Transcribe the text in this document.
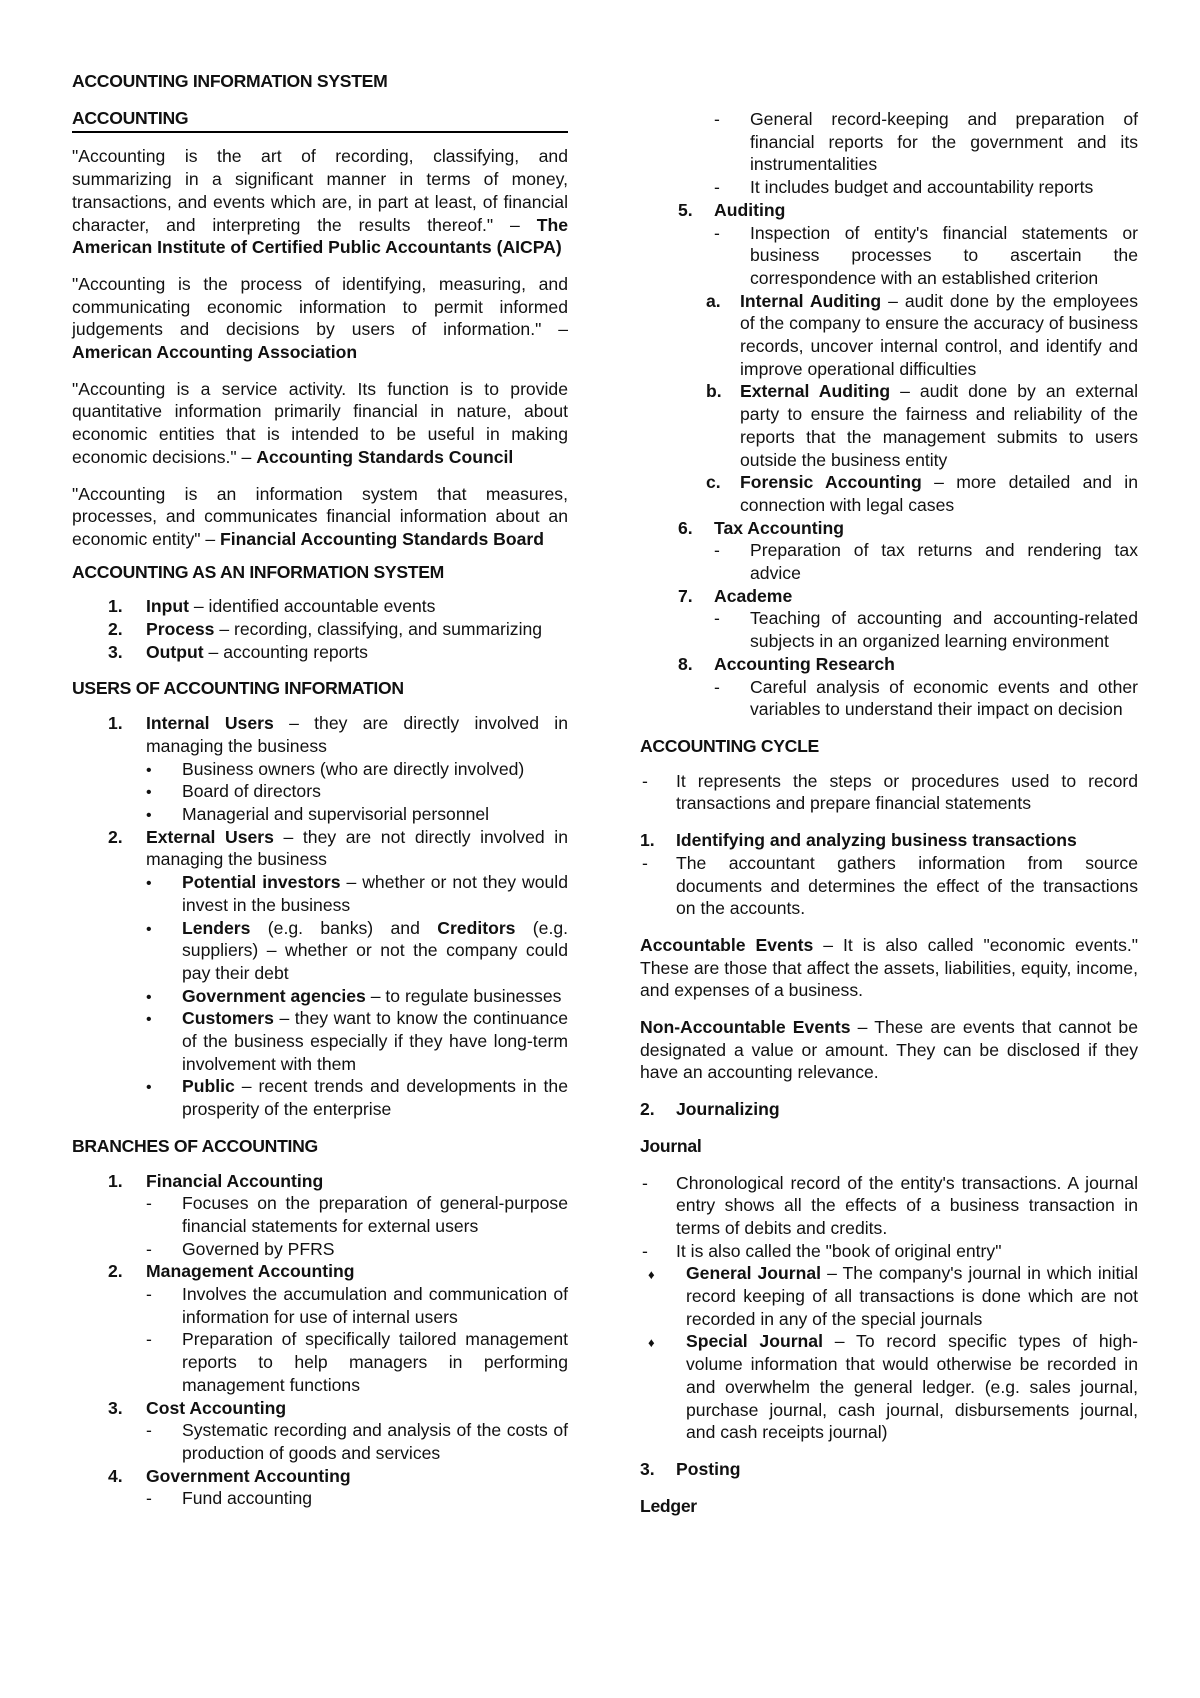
ACCOUNTING INFORMATION SYSTEM
ACCOUNTING

"Accounting is the art of recording, classifying, and summarizing in a significant manner in terms of money, transactions, and events which are, in part at least, of financial character, and interpreting the results thereof." – The American Institute of Certified Public Accountants (AICPA)

"Accounting is the process of identifying, measuring, and communicating economic information to permit informed judgements and decisions by users of information." – American Accounting Association

"Accounting is a service activity. Its function is to provide quantitative information primarily financial in nature, about economic entities that is intended to be useful in making economic decisions." – Accounting Standards Council

"Accounting is an information system that measures, processes, and communicates financial information about an economic entity" – Financial Accounting Standards Board

ACCOUNTING AS AN INFORMATION SYSTEM
1.	Input – identified accountable events
2.	Process – recording, classifying, and summarizing
3.	Output – accounting reports
USERS OF ACCOUNTING INFORMATION
1.	Internal Users – they are directly involved in managing the business
•
Business owners (who are directly involved)
•
Board of directors
•
Managerial and supervisorial personnel
2.	External Users – they are not directly involved in managing the business
•
Potential investors – whether or not they would invest in the business
•
Lenders (e.g. banks) and Creditors (e.g. suppliers) – whether or not the company could pay their debt
•
Government agencies – to regulate businesses
•
Customers – they want to know the continuance of the business especially if they have long-term involvement with them
•
Public – recent trends and developments in the prosperity of the enterprise
BRANCHES OF ACCOUNTING
1.	Financial Accounting
-
Focuses on the preparation of general-purpose financial statements for external users
-
Governed by PFRS
2.	Management Accounting
-
Involves the accumulation and communication of information for use of internal users
-
Preparation of specifically tailored management reports to help managers in performing management functions
3.	Cost Accounting
-
Systematic recording and analysis of the costs of production of goods and services
4.	Government Accounting
-
Fund accounting
-
General record-keeping and preparation of financial reports for the government and its instrumentalities
-
It includes budget and accountability reports
5.	Auditing
-
Inspection of entity's financial statements or business processes to ascertain the correspondence with an established criterion
a. Internal Auditing – audit done by the employees of the company to ensure the accuracy of business records, uncover internal control, and identify and improve operational difficulties
b. External Auditing – audit done by an external party to ensure the fairness and reliability of the reports that the management submits to users outside the business entity
c. Forensic Accounting – more detailed and in connection with legal cases
6.	Tax Accounting
-
Preparation of tax returns and rendering tax advice
7.	Academe
-
Teaching of accounting and accounting-related subjects in an organized learning environment
8.	Accounting Research
-
Careful analysis of economic events and other variables to understand their impact on decision
ACCOUNTING CYCLE
-
It represents the steps or procedures used to record transactions and prepare financial statements
1.	Identifying and analyzing business transactions
-
The accountant gathers information from source documents and determines the effect of the transactions on the accounts.

Accountable Events – It is also called "economic events." These are those that affect the assets, liabilities, equity, income, and expenses of a business.

Non-Accountable Events – These are events that cannot be designated a value or amount. They can be disclosed if they have an accounting relevance.

2.	Journalizing
Journal
-
Chronological record of the entity's transactions. A journal entry shows all the effects of a business transaction in terms of debits and credits.
-
It is also called the "book of original entry"
♦
General Journal – The company's journal in which initial record keeping of all transactions is done which are not recorded in any of the special journals
♦
Special Journal – To record specific types of high-volume information that would otherwise be recorded in and overwhelm the general ledger. (e.g. sales journal, purchase journal, cash journal, disbursements journal, and cash receipts journal)
3.	Posting
Ledger
